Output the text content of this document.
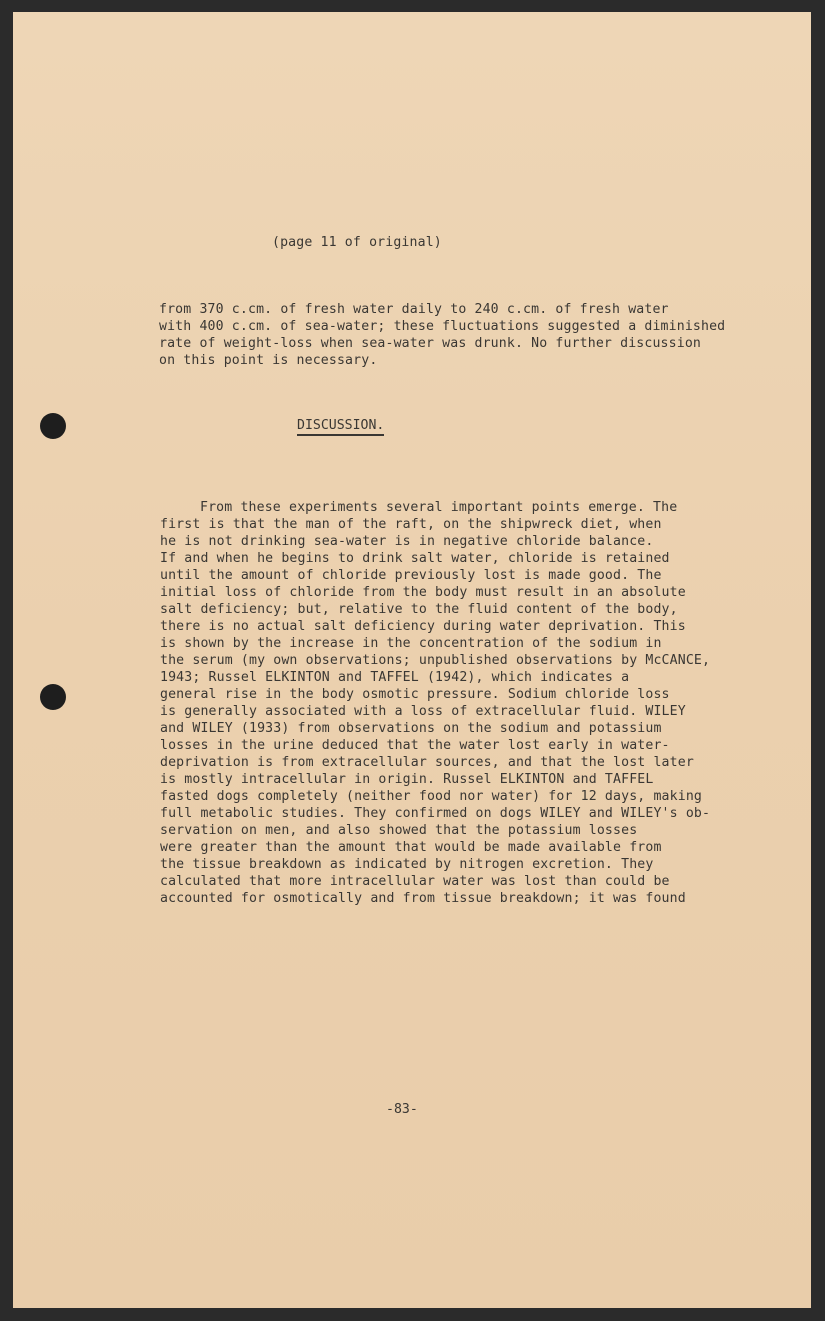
(page 11 of original)
from 370 c.cm. of fresh water daily to 240 c.cm. of fresh water
with 400 c.cm. of sea-water; these fluctuations suggested a diminished
rate of weight-loss when sea-water was drunk. No further discussion
on this point is necessary.
DISCUSSION.
From these experiments several important points emerge. The
first is that the man of the raft, on the shipwreck diet, when
he is not drinking sea-water is in negative chloride balance.
If and when he begins to drink salt water, chloride is retained
until the amount of chloride previously lost is made good. The
initial loss of chloride from the body must result in an absolute
salt deficiency; but, relative to the fluid content of the body,
there is no actual salt deficiency during water deprivation. This
is shown by the increase in the concentration of the sodium in
the serum (my own observations; unpublished observations by McCANCE,
1943; Russel ELKINTON and TAFFEL (1942), which indicates a
general rise in the body osmotic pressure. Sodium chloride loss
is generally associated with a loss of extracellular fluid. WILEY
and WILEY (1933) from observations on the sodium and potassium
losses in the urine deduced that the water lost early in water-
deprivation is from extracellular sources, and that the lost later
is mostly intracellular in origin. Russel ELKINTON and TAFFEL
fasted dogs completely (neither food nor water) for 12 days, making
full metabolic studies. They confirmed on dogs WILEY and WILEY's ob-
servation on men, and also showed that the potassium losses
were greater than the amount that would be made available from
the tissue breakdown as indicated by nitrogen excretion. They
calculated that more intracellular water was lost than could be
accounted for osmotically and from tissue breakdown; it was found
-83-
